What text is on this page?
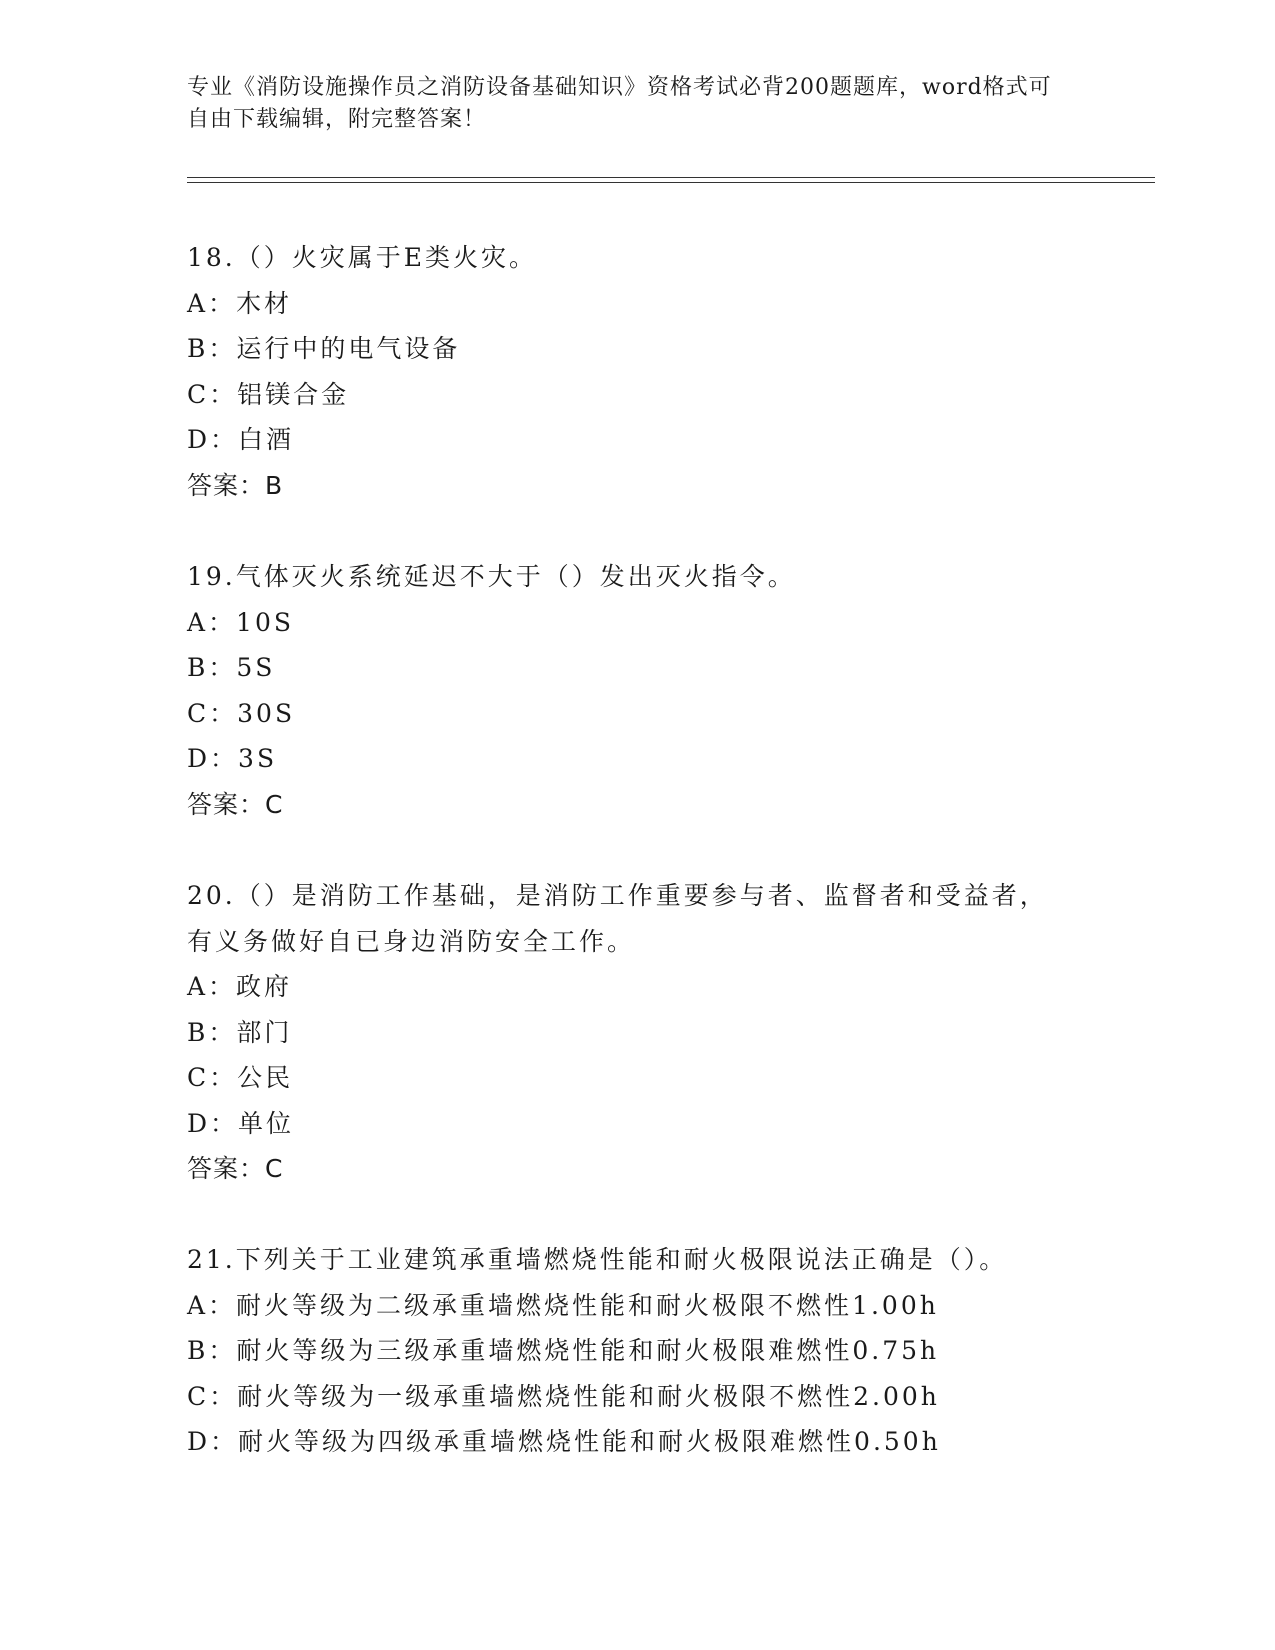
专业《消防设施操作员之消防设备基础知识》资格考试必背200题题库，word格式可自由下载编辑，附完整答案！
18.（）火灾属于E类火灾。
A：木材
B：运行中的电气设备
C：铝镁合金
D：白酒
答案：B
19.气体灭火系统延迟不大于（）发出灭火指令。
A：10S
B：5S
C：30S
D：3S
答案：C
20.（）是消防工作基础，是消防工作重要参与者、监督者和受益者，有义务做好自已身边消防安全工作。
A：政府
B：部门
C：公民
D：单位
答案：C
21.下列关于工业建筑承重墙燃烧性能和耐火极限说法正确是（）。
A：耐火等级为二级承重墙燃烧性能和耐火极限不燃性1.00h
B：耐火等级为三级承重墙燃烧性能和耐火极限难燃性0.75h
C：耐火等级为一级承重墙燃烧性能和耐火极限不燃性2.00h
D：耐火等级为四级承重墙燃烧性能和耐火极限难燃性0.50h
